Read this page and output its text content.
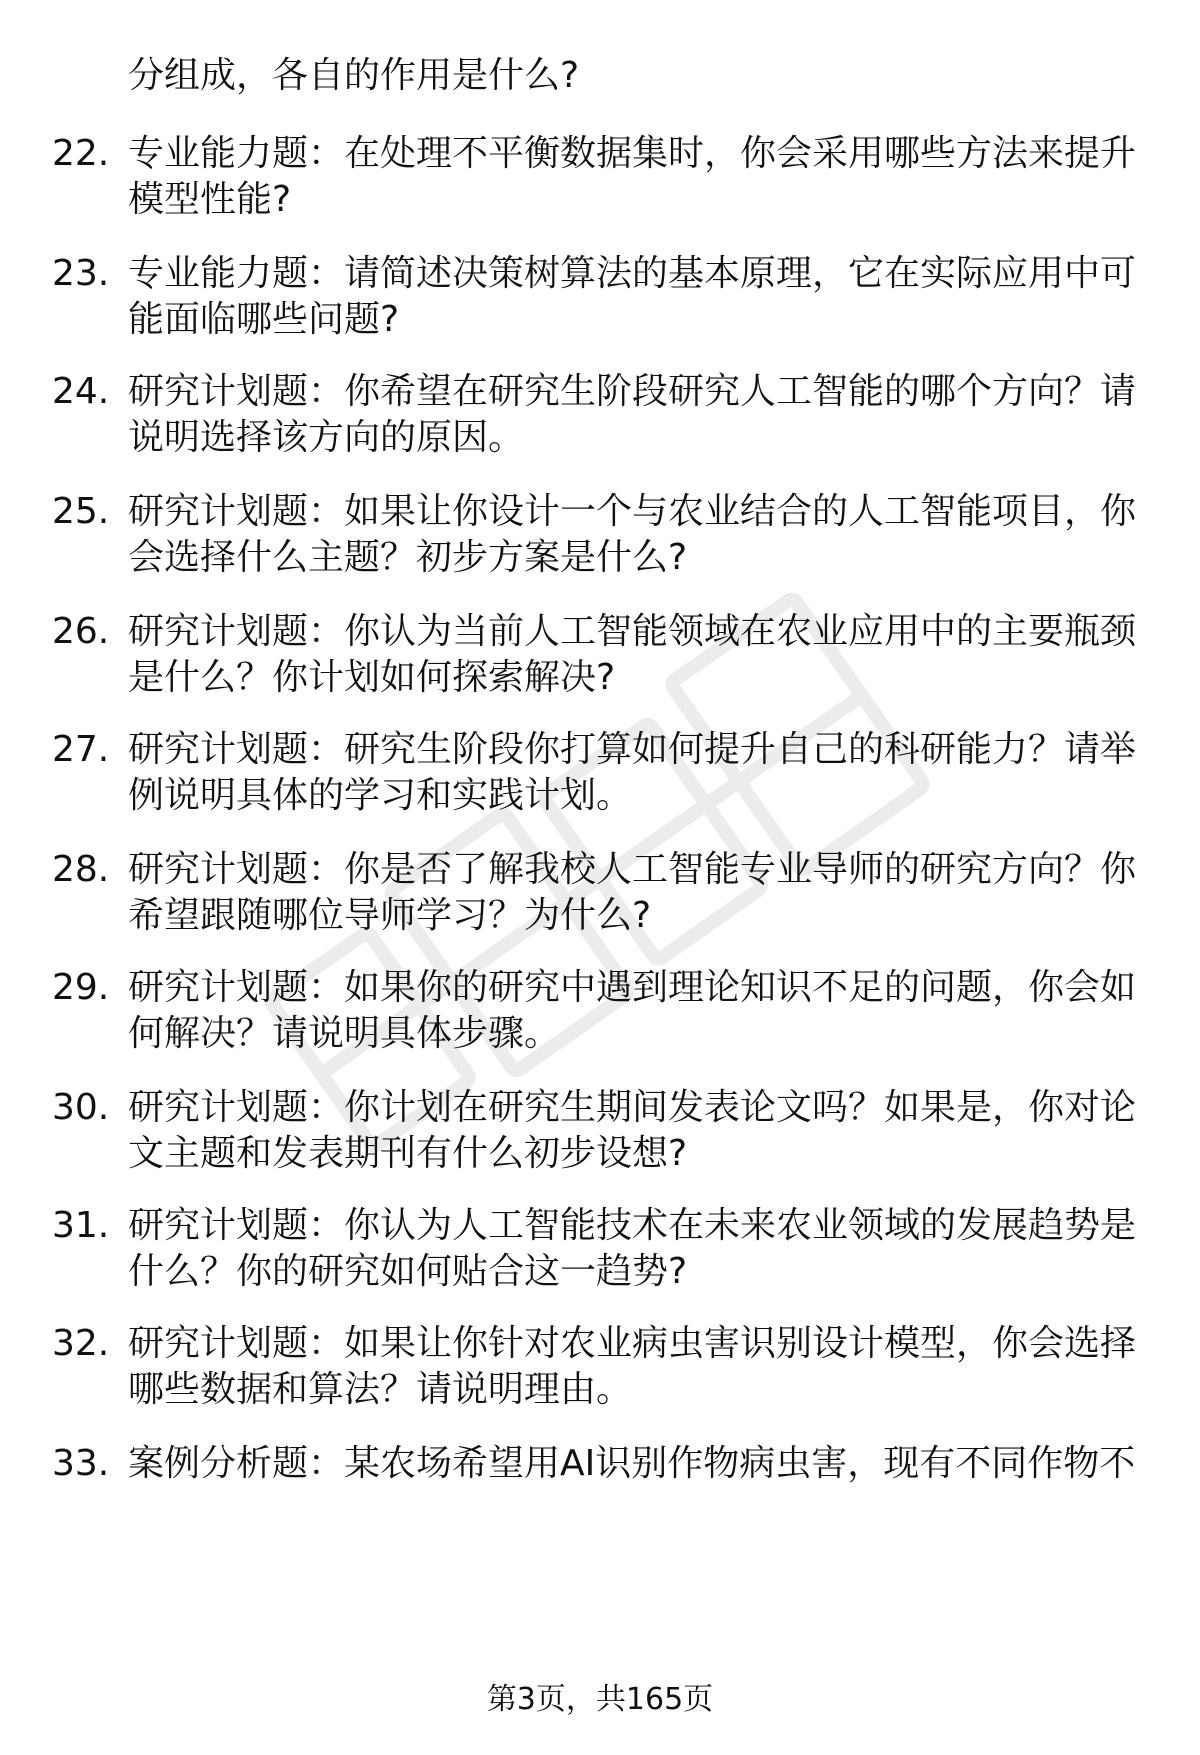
分组成，各自的作用是什么?
22. 专业能力题：在处理不平衡数据集时，你会采用哪些方法来提升
模型性能?
23. 专业能力题：请简述决策树算法的基本原理，它在实际应用中可
能面临哪些问题?
24. 研究计划题：你希望在研究生阶段研究人工智能的哪个方向？请
说明选择该方向的原因。
25. 研究计划题：如果让你设计一个与农业结合的人工智能项目，你
会选择什么主题？初步方案是什么?
26. 研究计划题：你认为当前人工智能领域在农业应用中的主要瓶颈
是什么？你计划如何探索解决?
27. 研究计划题：研究生阶段你打算如何提升自己的科研能力？请举
例说明具体的学习和实践计划。
28. 研究计划题：你是否了解我校人工智能专业导师的研究方向？你
希望跟随哪位导师学习？为什么?
29. 研究计划题：如果你的研究中遇到理论知识不足的问题，你会如
何解决？请说明具体步骤。
30. 研究计划题：你计划在研究生期间发表论文吗？如果是，你对论
文主题和发表期刊有什么初步设想?
31. 研究计划题：你认为人工智能技术在未来农业领域的发展趋势是
什么？你的研究如何贴合这一趋势?
32. 研究计划题：如果让你针对农业病虫害识别设计模型，你会选择
哪些数据和算法？请说明理由。
33. 案例分析题：某农场希望用AI识别作物病虫害，现有不同作物不
第3页，共165页
